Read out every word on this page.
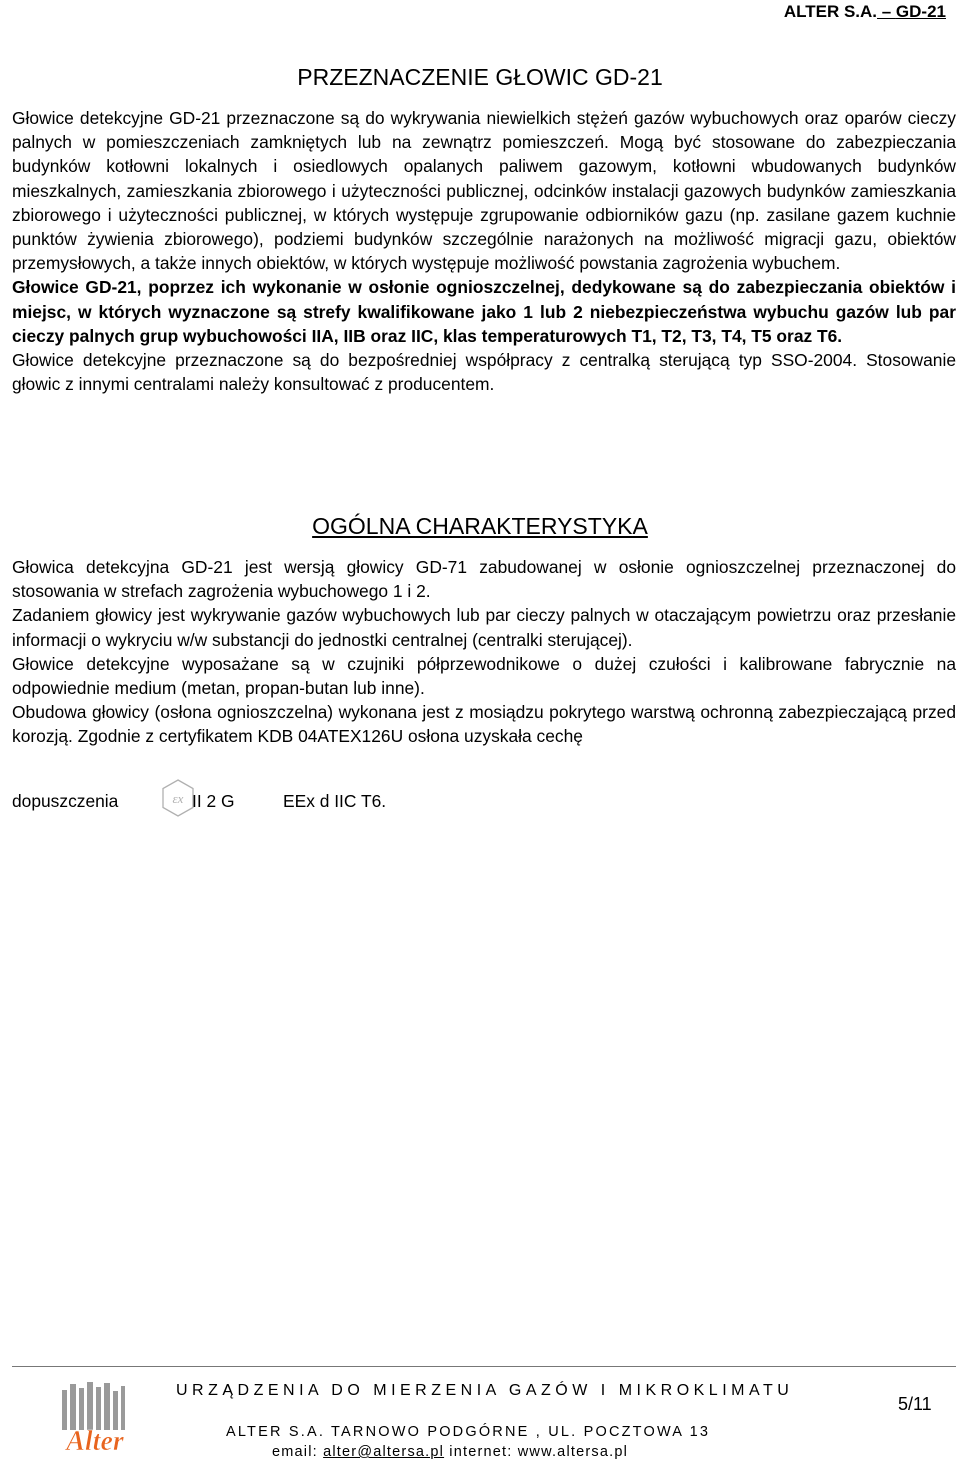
ALTER S.A. – GD-21
PRZEZNACZENIE GŁOWIC GD-21

Głowice detekcyjne GD-21 przeznaczone są do wykrywania niewielkich stężeń gazów wybuchowych oraz oparów cieczy palnych w pomieszczeniach zamkniętych lub na zewnątrz pomieszczeń. Mogą być stosowane do zabezpieczania budynków kotłowni lokalnych i osiedlowych opalanych paliwem gazowym, kotłowni wbudowanych budynków mieszkalnych, zamieszkania zbiorowego i użyteczności publicznej, odcinków instalacji gazowych budynków zamieszkania zbiorowego i użyteczności publicznej, w których występuje zgrupowanie odbiorników gazu (np. zasilane gazem kuchnie punktów żywienia zbiorowego), podziemi budynków szczególnie narażonych na możliwość migracji gazu, obiektów przemysłowych, a także innych obiektów, w których występuje możliwość powstania zagrożenia wybuchem.

Głowice GD-21, poprzez ich wykonanie w osłonie ognioszczelnej, dedykowane są do zabezpieczania obiektów i miejsc, w których wyznaczone są strefy kwalifikowane jako 1 lub 2 niebezpieczeństwa wybuchu gazów lub par cieczy palnych grup wybuchowości IIA, IIB oraz IIC, klas temperaturowych T1, T2, T3, T4, T5 oraz T6.

Głowice detekcyjne przeznaczone są do bezpośredniej współpracy z centralką sterującą typ SSO-2004. Stosowanie głowic z innymi centralami należy konsultować z producentem.

OGÓLNA CHARAKTERYSTYKA

Głowica detekcyjna GD-21 jest wersją głowicy GD-71 zabudowanej w osłonie ognioszczelnej przeznaczonej do stosowania w strefach zagrożenia wybuchowego 1 i 2.

Zadaniem głowicy jest wykrywanie gazów wybuchowych lub par cieczy palnych w otaczającym powietrzu oraz przesłanie informacji o wykryciu w/w substancji do jednostki centralnej (centralki sterującej).

Głowice detekcyjne wyposażane są w czujniki półprzewodnikowe o dużej czułości i kalibrowane fabrycznie na odpowiednie medium (metan, propan-butan lub inne).

Obudowa głowicy (osłona ognioszczelna) wykonana jest z mosiądzu pokrytego warstwą ochronną zabezpieczającą przed korozją. Zgodnie z certyfikatem KDB 04ATEX126U osłona uzyskała cechę

dopuszczenia	εx II 2 G	EEx d IIC T6.
Alter
URZĄDZENIA DO MIERZENIA GAZÓW I MIKROKLIMATU
ALTER S.A. TARNOWO PODGÓRNE , UL. POCZTOWA 13
email: alter@altersa.pl internet: www.altersa.pl
5/11
